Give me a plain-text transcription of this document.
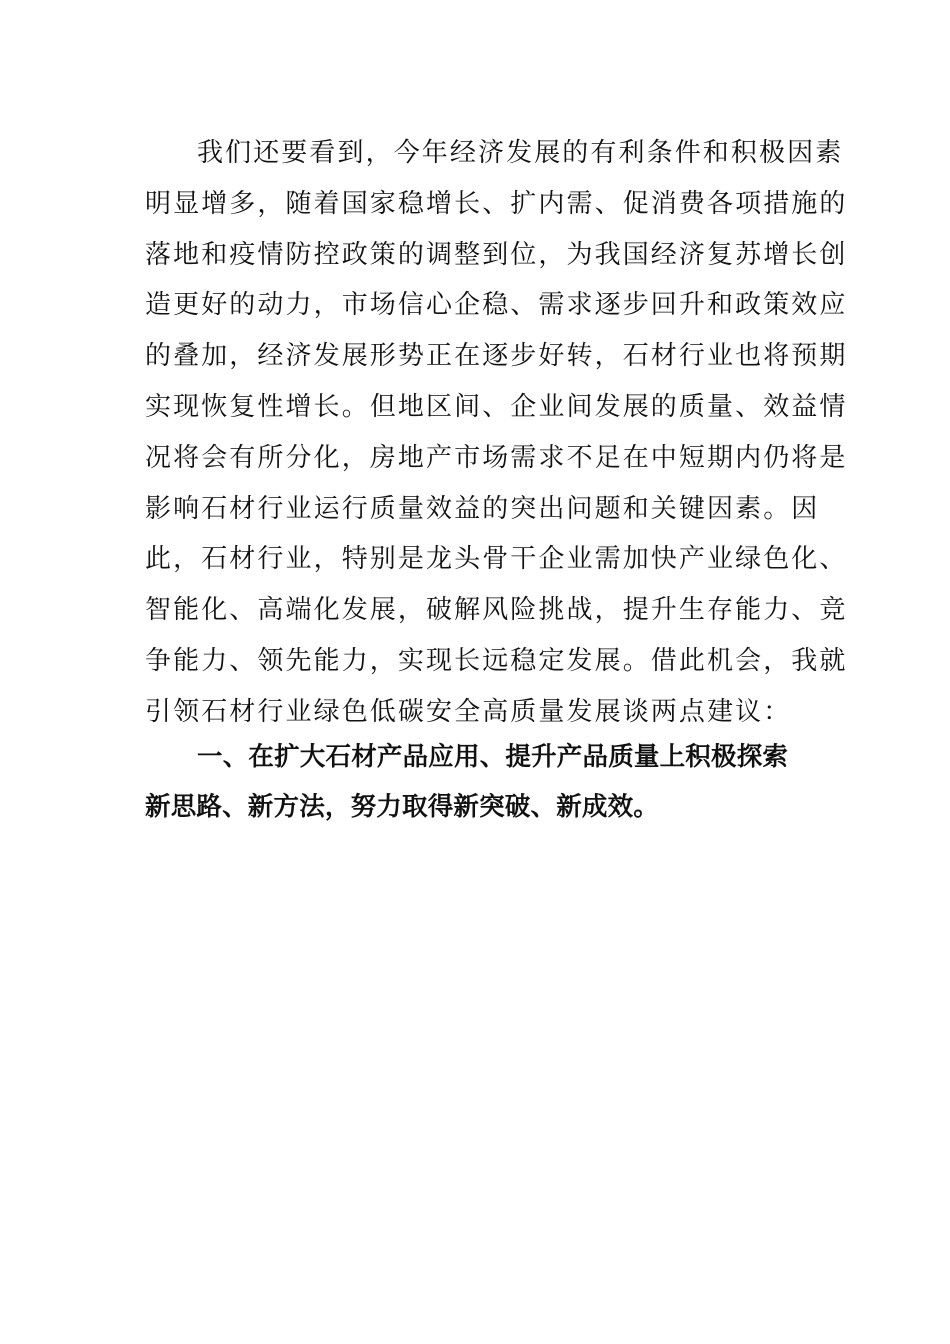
我们还要看到，今年经济发展的有利条件和积极因素
明显增多，随着国家稳增长、扩内需、促消费各项措施的
落地和疫情防控政策的调整到位，为我国经济复苏增长创
造更好的动力，市场信心企稳、需求逐步回升和政策效应
的叠加，经济发展形势正在逐步好转，石材行业也将预期
实现恢复性增长。但地区间、企业间发展的质量、效益情
况将会有所分化，房地产市场需求不足在中短期内仍将是
影响石材行业运行质量效益的突出问题和关键因素。因
此，石材行业，特别是龙头骨干企业需加快产业绿色化、
智能化、高端化发展，破解风险挑战，提升生存能力、竞
争能力、领先能力，实现长远稳定发展。借此机会，我就
引领石材行业绿色低碳安全高质量发展谈两点建议：
一、在扩大石材产品应用、提升产品质量上积极探索
新思路、新方法，努力取得新突破、新成效。
